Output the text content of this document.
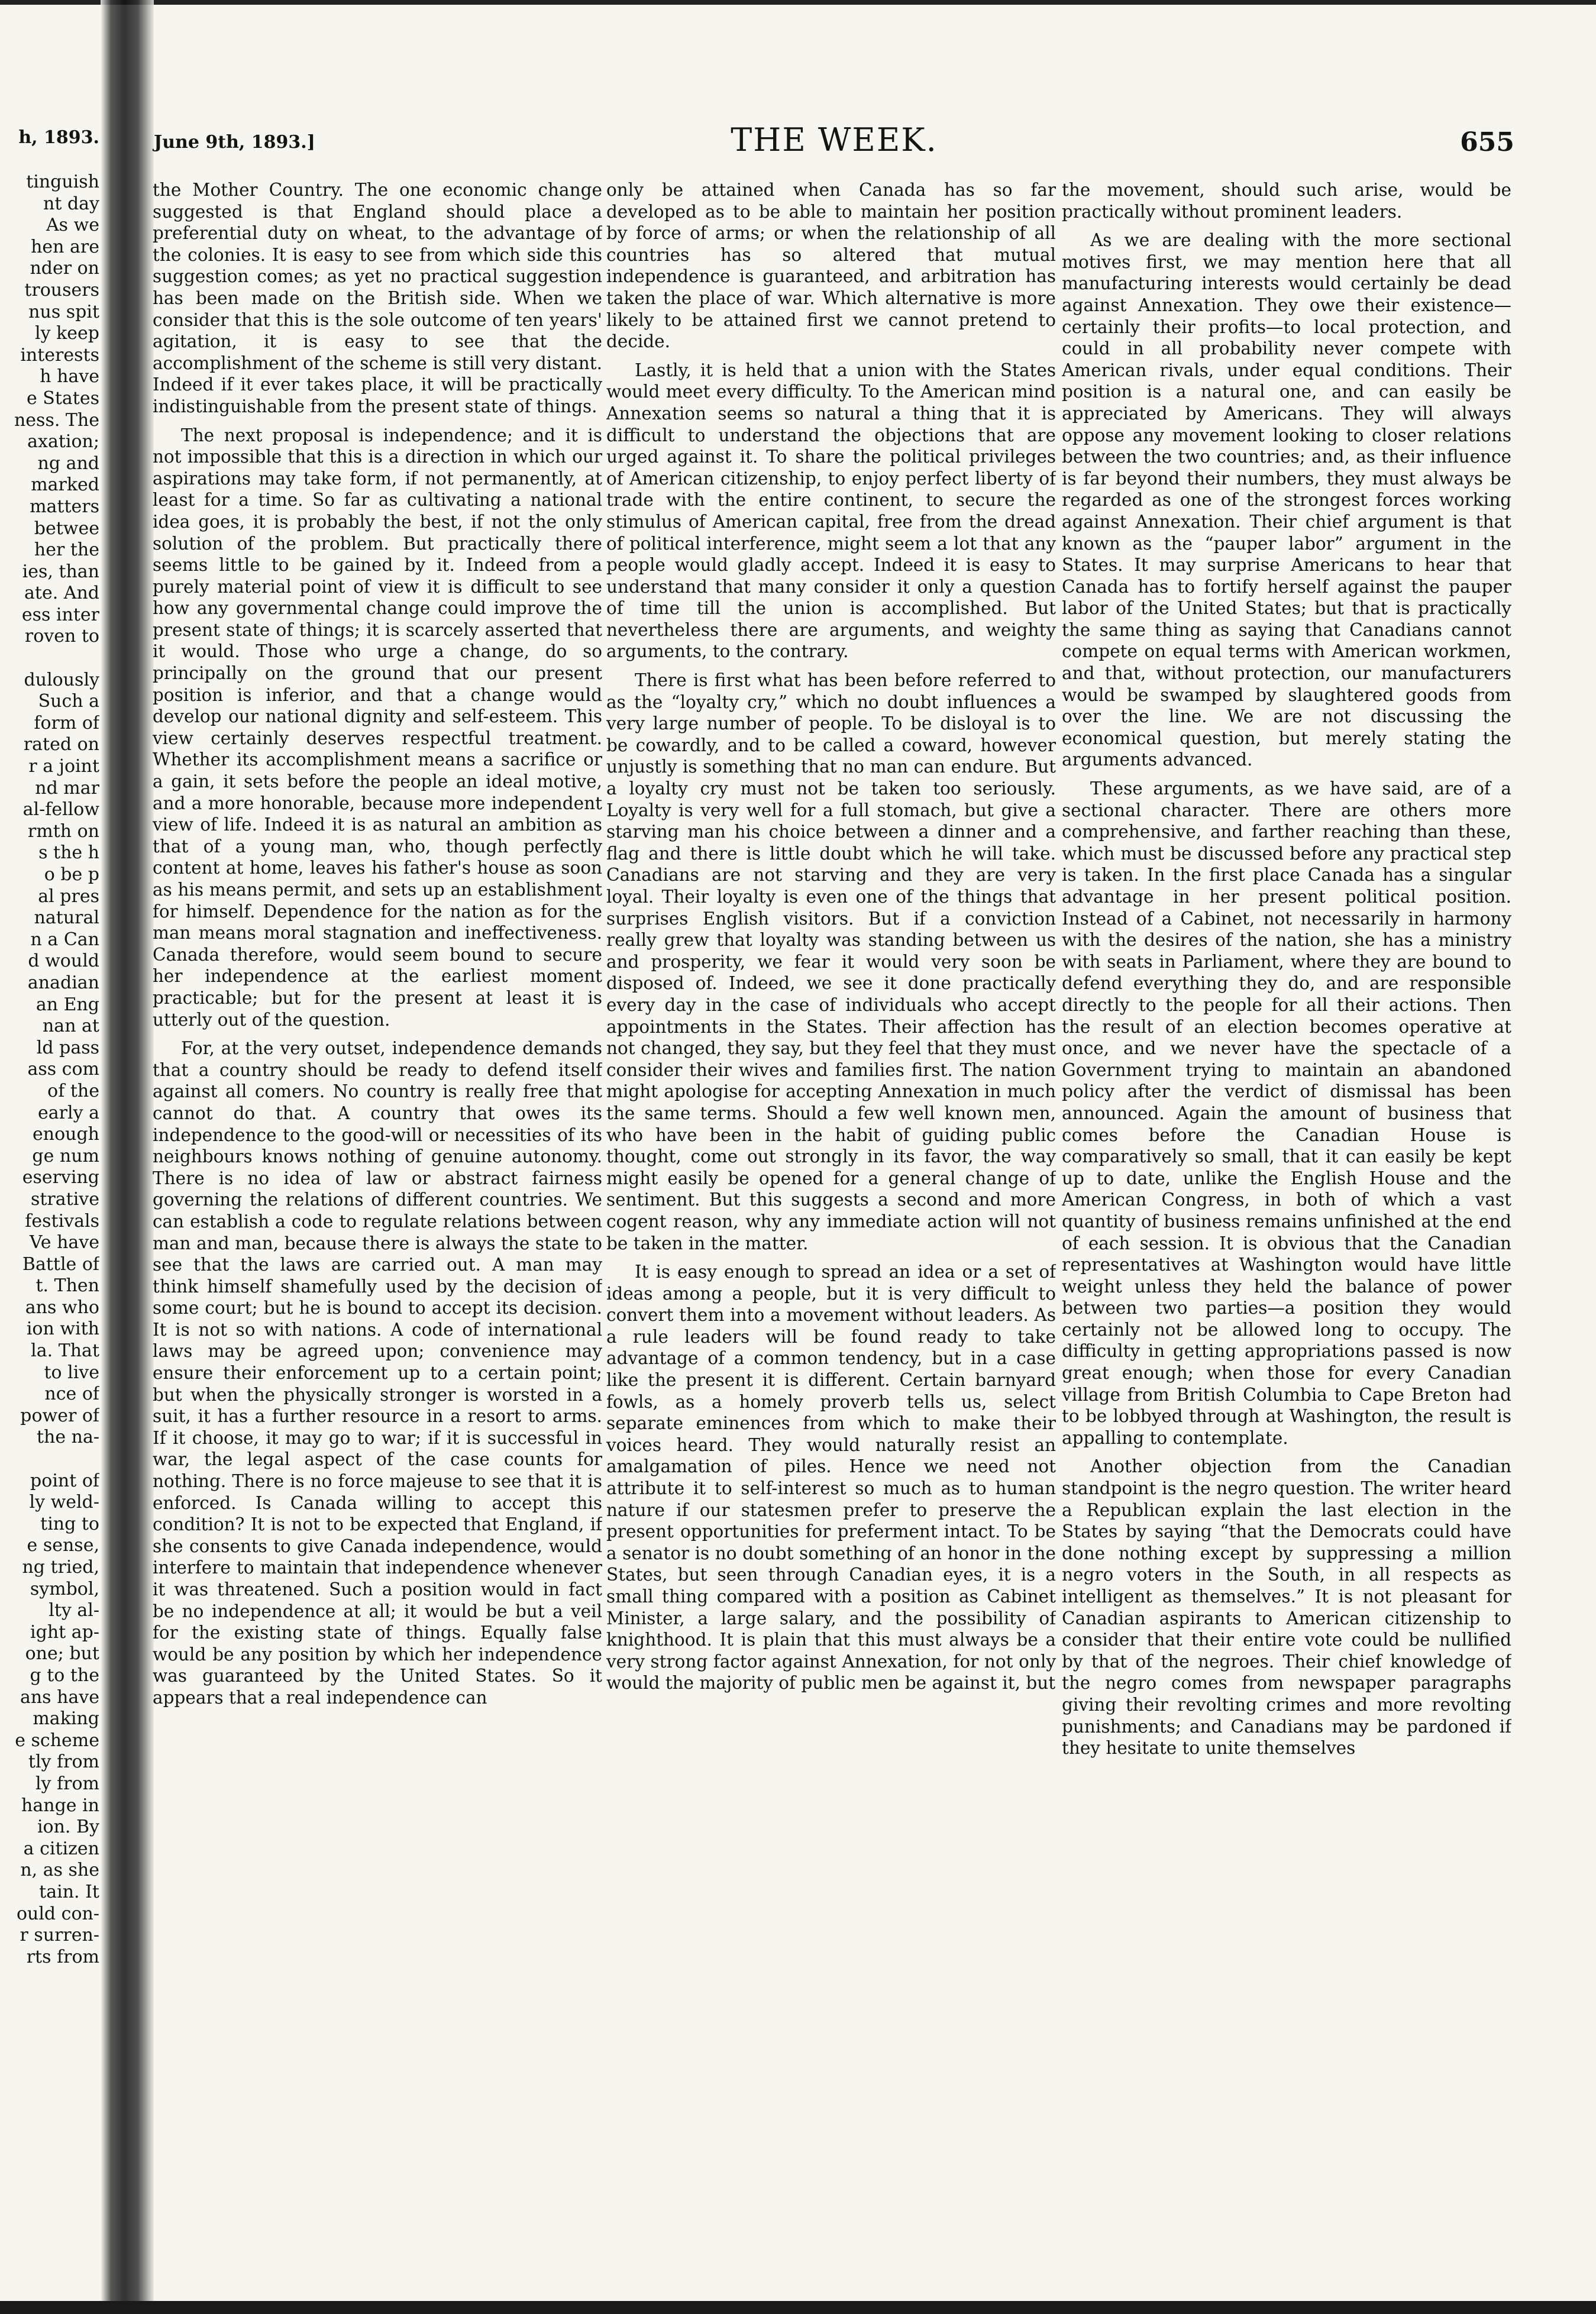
h, 1893.
tinguish
nt day
As we
hen are
nder on
trousers
nus spit
ly keep
interests
h have
e States
ness. The
axation;
ng and
marked
matters
betwee
her the
ies, than
ate. And
ess inter
roven to

dulously
Such a
form of
rated on
r a joint
nd mar
al-fellow
rmth on
s the h
o be p
al pres
natural
n a Can
d would
anadian
an Eng
nan at
ld pass
ass com
of the
early a
enough
ge num
eserving
strative
festivals
Ve have
Battle of
t. Then
ans who
ion with
la. That
to live
nce of
power of
the na-

point of
ly weld-
ting to
e sense,
ng tried,
symbol,
lty al-
ight ap-
one; but
g to the
ans have
making
e scheme
tly from
ly from
hange in
ion. By
a citizen
n, as she
tain. It
ould con-
r surren-
rts from
June 9th, 1893.]	THE WEEK.	655

the Mother Country. The one economic change suggested is that England should place a preferential duty on wheat, to the advantage of the colonies. It is easy to see from which side this suggestion comes; as yet no practical suggestion has been made on the British side. When we consider that this is the sole outcome of ten years' agitation, it is easy to see that the accomplishment of the scheme is still very distant. Indeed if it ever takes place, it will be practically indistinguishable from the present state of things.

The next proposal is independence; and it is not impossible that this is a direction in which our aspirations may take form, if not permanently, at least for a time. So far as cultivating a national idea goes, it is probably the best, if not the only solution of the problem. But practically there seems little to be gained by it. Indeed from a purely material point of view it is difficult to see how any governmental change could improve the present state of things; it is scarcely asserted that it would. Those who urge a change, do so principally on the ground that our present position is inferior, and that a change would develop our national dignity and self-esteem. This view certainly deserves respectful treatment. Whether its accomplishment means a sacrifice or a gain, it sets before the people an ideal motive, and a more honorable, because more independent view of life. Indeed it is as natural an ambition as that of a young man, who, though perfectly content at home, leaves his father's house as soon as his means permit, and sets up an establishment for himself. Dependence for the nation as for the man means moral stagnation and ineffectiveness. Canada therefore, would seem bound to secure her independence at the earliest moment practicable; but for the present at least it is utterly out of the question.

For, at the very outset, independence demands that a country should be ready to defend itself against all comers. No country is really free that cannot do that. A country that owes its independence to the good-will or necessities of its neighbours knows nothing of genuine autonomy. There is no idea of law or abstract fairness governing the relations of different countries. We can establish a code to regulate relations between man and man, because there is always the state to see that the laws are carried out. A man may think himself shamefully used by the decision of some court; but he is bound to accept its decision. It is not so with nations. A code of international laws may be agreed upon; convenience may ensure their enforcement up to a certain point; but when the physically stronger is worsted in a suit, it has a further resource in a resort to arms. If it choose, it may go to war; if it is successful in war, the legal aspect of the case counts for nothing. There is no force majeuse to see that it is enforced. Is Canada willing to accept this condition? It is not to be expected that England, if she consents to give Canada independence, would interfere to maintain that independence whenever it was threatened. Such a position would in fact be no independence at all; it would be but a veil for the existing state of things. Equally false would be any position by which her independence was guaranteed by the United States. So it appears that a real independence can

only be attained when Canada has so far developed as to be able to maintain her position by force of arms; or when the relationship of all countries has so altered that mutual independence is guaranteed, and arbitration has taken the place of war. Which alternative is more likely to be attained first we cannot pretend to decide.

Lastly, it is held that a union with the States would meet every difficulty. To the American mind Annexation seems so natural a thing that it is difficult to understand the objections that are urged against it. To share the political privileges of American citizenship, to enjoy perfect liberty of trade with the entire continent, to secure the stimulus of American capital, free from the dread of political interference, might seem a lot that any people would gladly accept. Indeed it is easy to understand that many consider it only a question of time till the union is accomplished. But nevertheless there are arguments, and weighty arguments, to the contrary.

There is first what has been before referred to as the “loyalty cry,” which no doubt influences a very large number of people. To be disloyal is to be cowardly, and to be called a coward, however unjustly is something that no man can endure. But a loyalty cry must not be taken too seriously. Loyalty is very well for a full stomach, but give a starving man his choice between a dinner and a flag and there is little doubt which he will take. Canadians are not starving and they are very loyal. Their loyalty is even one of the things that surprises English visitors. But if a conviction really grew that loyalty was standing between us and prosperity, we fear it would very soon be disposed of. Indeed, we see it done practically every day in the case of individuals who accept appointments in the States. Their affection has not changed, they say, but they feel that they must consider their wives and families first. The nation might apologise for accepting Annexation in much the same terms. Should a few well known men, who have been in the habit of guiding public thought, come out strongly in its favor, the way might easily be opened for a general change of sentiment. But this suggests a second and more cogent reason, why any immediate action will not be taken in the matter.

It is easy enough to spread an idea or a set of ideas among a people, but it is very difficult to convert them into a movement without leaders. As a rule leaders will be found ready to take advantage of a common tendency, but in a case like the present it is different. Certain barnyard fowls, as a homely proverb tells us, select separate eminences from which to make their voices heard. They would naturally resist an amalgamation of piles. Hence we need not attribute it to self-interest so much as to human nature if our statesmen prefer to preserve the present opportunities for preferment intact. To be a senator is no doubt something of an honor in the States, but seen through Canadian eyes, it is a small thing compared with a position as Cabinet Minister, a large salary, and the possibility of knighthood. It is plain that this must always be a very strong factor against Annexation, for not only would the majority of public men be against it, but

the movement, should such arise, would be practically without prominent leaders.

As we are dealing with the more sectional motives first, we may mention here that all manufacturing interests would certainly be dead against Annexation. They owe their existence—certainly their profits—to local protection, and could in all probability never compete with American rivals, under equal conditions. Their position is a natural one, and can easily be appreciated by Americans. They will always oppose any movement looking to closer relations between the two countries; and, as their influence is far beyond their numbers, they must always be regarded as one of the strongest forces working against Annexation. Their chief argument is that known as the “pauper labor” argument in the States. It may surprise Americans to hear that Canada has to fortify herself against the pauper labor of the United States; but that is practically the same thing as saying that Canadians cannot compete on equal terms with American workmen, and that, without protection, our manufacturers would be swamped by slaughtered goods from over the line. We are not discussing the economical question, but merely stating the arguments advanced.

These arguments, as we have said, are of a sectional character. There are others more comprehensive, and farther reaching than these, which must be discussed before any practical step is taken. In the first place Canada has a singular advantage in her present political position. Instead of a Cabinet, not necessarily in harmony with the desires of the nation, she has a ministry with seats in Parliament, where they are bound to defend everything they do, and are responsible directly to the people for all their actions. Then the result of an election becomes operative at once, and we never have the spectacle of a Government trying to maintain an abandoned policy after the verdict of dismissal has been announced. Again the amount of business that comes before the Canadian House is comparatively so small, that it can easily be kept up to date, unlike the English House and the American Congress, in both of which a vast quantity of business remains unfinished at the end of each session. It is obvious that the Canadian representatives at Washington would have little weight unless they held the balance of power between two parties—a position they would certainly not be allowed long to occupy. The difficulty in getting appropriations passed is now great enough; when those for every Canadian village from British Columbia to Cape Breton had to be lobbyed through at Washington, the result is appalling to contemplate.

Another objection from the Canadian standpoint is the negro question. The writer heard a Republican explain the last election in the States by saying “that the Democrats could have done nothing except by suppressing a million negro voters in the South, in all respects as intelligent as themselves.” It is not pleasant for Canadian aspirants to American citizenship to consider that their entire vote could be nullified by that of the negroes. Their chief knowledge of the negro comes from newspaper paragraphs giving their revolting crimes and more revolting punishments; and Canadians may be pardoned if they hesitate to unite themselves
